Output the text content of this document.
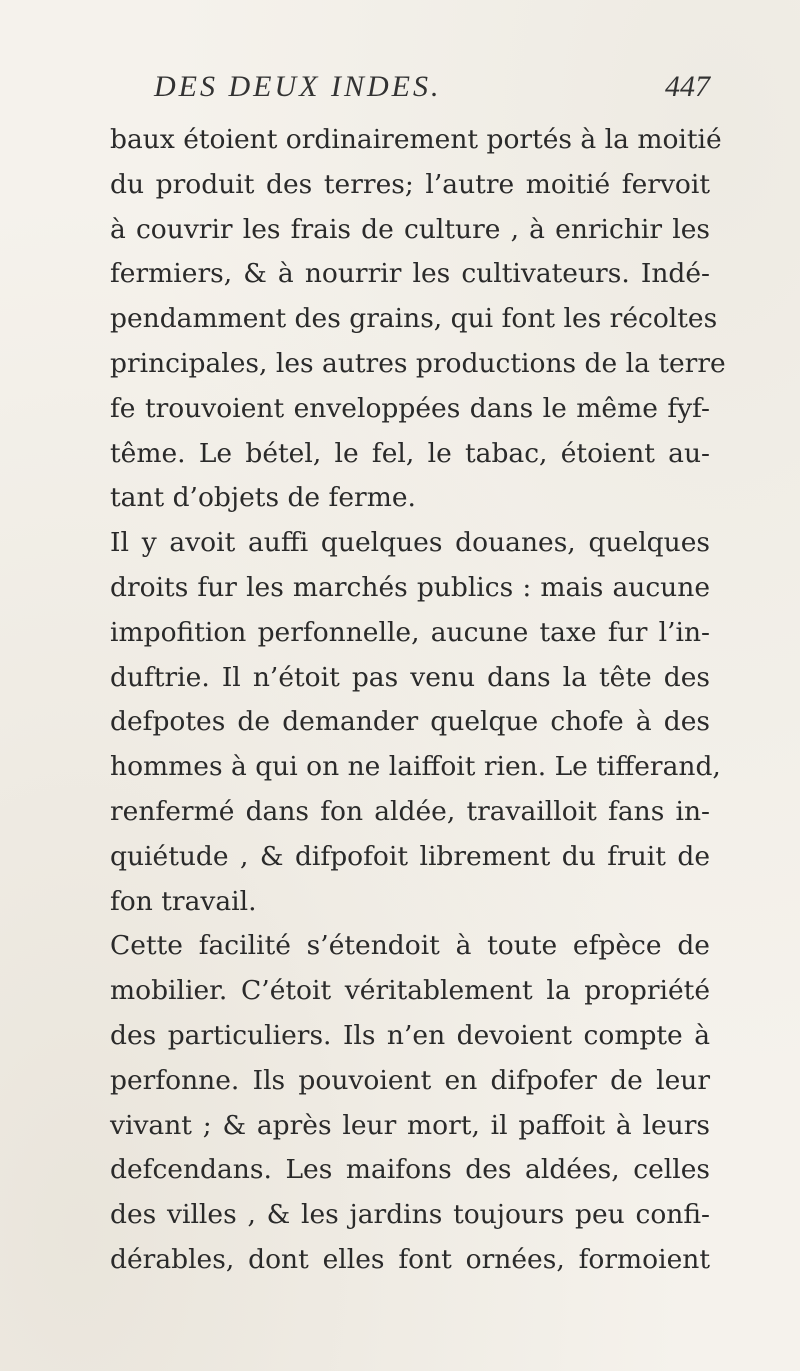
DES DEUX INDES.	447
baux étoient ordinairement portés à la moitié
du produit des terres; l’autre moitié fervoit
à couvrir les frais de culture , à enrichir les
fermiers, & à nourrir les cultivateurs. Indé-
pendamment des grains, qui font les récoltes
principales, les autres productions de la terre
fe trouvoient enveloppées dans le même fyf-
tême. Le bétel, le fel, le tabac, étoient au-
tant d’objets de ferme.
Il y avoit auffi quelques douanes, quelques
droits fur les marchés publics : mais aucune
impofition perfonnelle, aucune taxe fur l’in-
duftrie. Il n’étoit pas venu dans la tête des
defpotes de demander quelque chofe à des
hommes à qui on ne laiffoit rien. Le tifferand,
renfermé dans fon aldée, travailloit fans in-
quiétude , & difpofoit librement du fruit de
fon travail.
Cette facilité s’étendoit à toute efpèce de
mobilier. C’étoit véritablement la propriété
des particuliers. Ils n’en devoient compte à
perfonne. Ils pouvoient en difpofer de leur
vivant ; & après leur mort, il paffoit à leurs
defcendans. Les maifons des aldées, celles
des villes , & les jardins toujours peu confi-
dérables, dont elles font ornées, formoient
